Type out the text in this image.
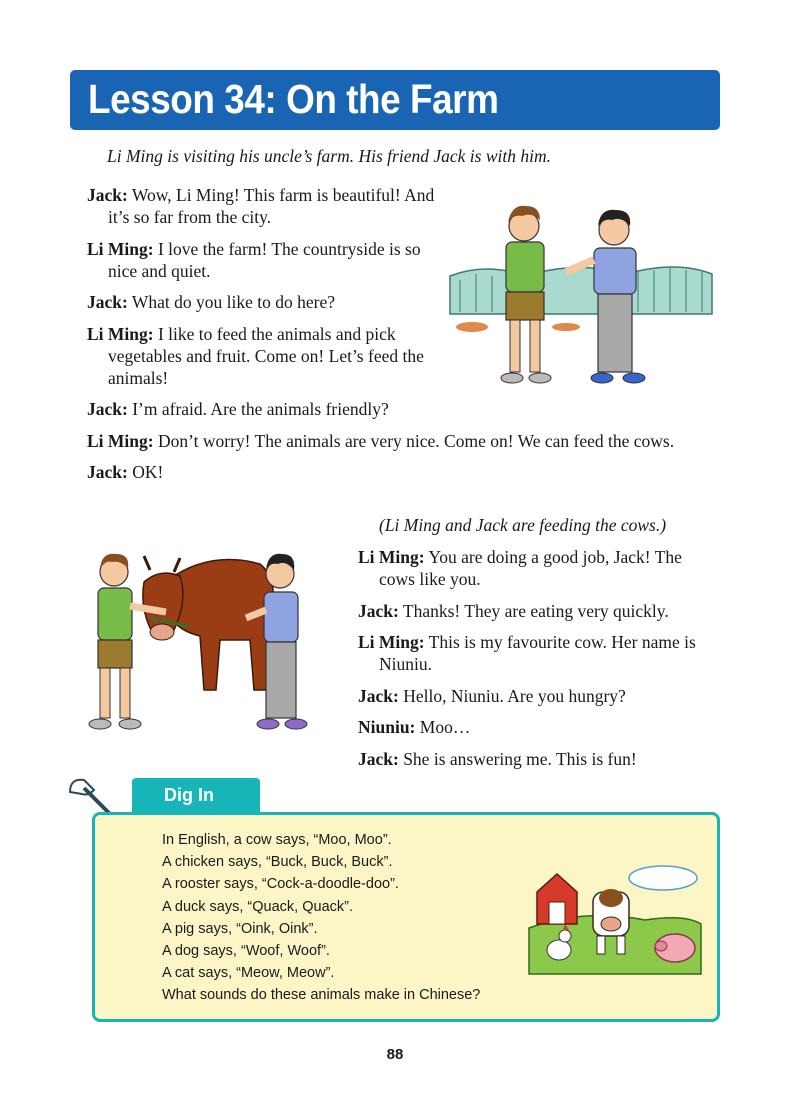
Lesson 34: On the Farm
Li Ming is visiting his uncle’s farm. His friend Jack is with him.
Jack: Wow, Li Ming! This farm is beautiful! And it’s so far from the city.
Li Ming: I love the farm! The countryside is so nice and quiet.
Jack: What do you like to do here?
Li Ming: I like to feed the animals and pick vegetables and fruit. Come on! Let’s feed the animals!
Jack: I’m afraid. Are the animals friendly?
Li Ming: Don’t worry! The animals are very nice. Come on! We can feed the cows.
Jack: OK!
(Li Ming and Jack are feeding the cows.)
Li Ming: You are doing a good job, Jack! The cows like you.
Jack: Thanks! They are eating very quickly.
Li Ming: This is my favourite cow. Her name is Niuniu.
Jack: Hello, Niuniu. Are you hungry?
Niuniu: Moo…
Jack: She is answering me. This is fun!
Dig In
In English, a cow says, “Moo, Moo”.
A chicken says, “Buck, Buck, Buck”.
A rooster says, “Cock-a-doodle-doo”.
A duck says, “Quack, Quack”.
A pig says, “Oink, Oink”.
A dog says, “Woof, Woof”.
A cat says, “Meow, Meow”.
What sounds do these animals make in Chinese?
88
